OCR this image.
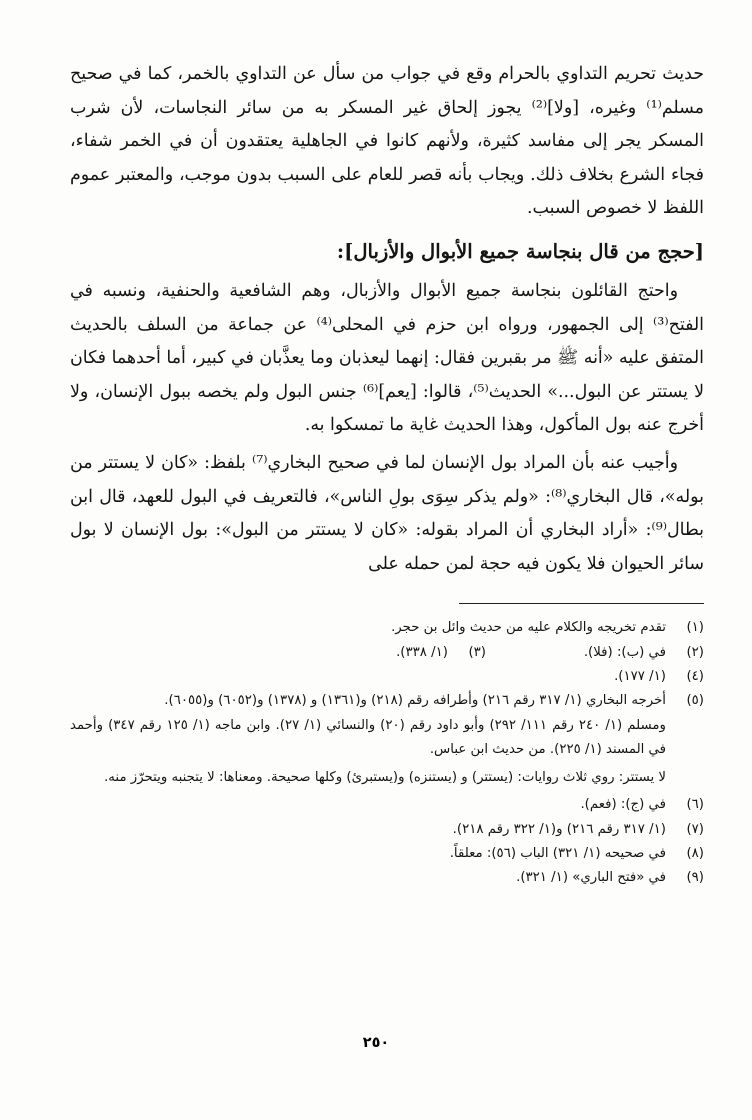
حديث تحريم التداوي بالحرام وقع في جواب من سأل عن التداوي بالخمر، كما في صحيح مسلم⁽¹⁾ وغيره، [ولا]⁽²⁾ يجوز إلحاق غير المسكر به من سائر النجاسات، لأن شرب المسكر يجر إلى مفاسد كثيرة، ولأنهم كانوا في الجاهلية يعتقدون أن في الخمر شفاء، فجاء الشرع بخلاف ذلك. ويجاب بأنه قصر للعام على السبب بدون موجب، والمعتبر عموم اللفظ لا خصوص السبب.

[حجج من قال بنجاسة جميع الأبوال والأزبال]:

واحتج القائلون بنجاسة جميع الأبوال والأزبال، وهم الشافعية والحنفية، ونسبه في الفتح⁽³⁾ إلى الجمهور، ورواه ابن حزم في المحلى⁽⁴⁾ عن جماعة من السلف بالحديث المتفق عليه «أنه ﷺ مر بقبرين فقال: إنهما ليعذبان وما يعذَّبان في كبير، أما أحدهما فكان لا يستتر عن البول...» الحديث⁽⁵⁾، قالوا: [يعم]⁽⁶⁾ جنس البول ولم يخصه ببول الإنسان، ولا أخرج عنه بول المأكول، وهذا الحديث غاية ما تمسكوا به.

وأجيب عنه بأن المراد بول الإنسان لما في صحيح البخاري⁽⁷⁾ بلفظ: «كان لا يستتر من بوله»، قال البخاري⁽⁸⁾: «ولم يذكر سِوَى بولِ الناس»، فالتعريف في البول للعهد، قال ابن بطال⁽⁹⁾: «أراد البخاري أن المراد بقوله: «كان لا يستتر من البول»: بول الإنسان لا بول سائر الحيوان فلا يكون فيه حجة لمن حمله على

(١)
تقدم تخريجه والكلام عليه من حديث وائل بن حجر.
(٢)
في (ب): (فلا).
(٣)
(١/ ٣٣٨).
(٤)
(١/ ١٧٧).
(٥)
أخرجه البخاري (١/ ٣١٧ رقم ٢١٦) وأطرافه رقم (٢١٨) و(١٣٦١) و (١٣٧٨) و(٦٠٥٢) و(٦٠٥٥).
ومسلم (١/ ٢٤٠ رقم ١١١/ ٢٩٢) وأبو داود رقم (٢٠) والنسائي (١/ ٢٧). وابن ماجه (١/ ١٢٥ رقم ٣٤٧) وأحمد في المسند (١/ ٢٢٥). من حديث ابن عباس.
لا يستتر: روي ثلاث روايات: (يستتر) و (يستنزه) و(يستبرئ) وكلها صحيحة. ومعناها: لا يتجنبه ويتحرّز منه.
(٦)
في (ج): (فعم).
(٧)
(١/ ٣١٧ رقم ٢١٦) و(١/ ٣٢٢ رقم ٢١٨).
(٨)
في صحيحه (١/ ٣٢١) الباب (٥٦): معلقاً.
(٩)
في «فتح الباري» (١/ ٣٢١).
٢٥٠
